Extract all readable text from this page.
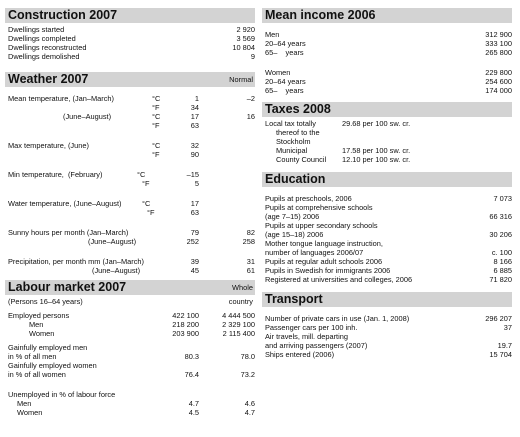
Construction 2007
Dwellings started	2 920
Dwellings completed	3 569
Dwellings reconstructed	10 804
Dwellings demolished	9
Weather 2007	Normal
Mean temperature, (Jan–March)	°C	1	–2
°F	34
(June–August)	°C	17	16
°F	63
Max temperature, (June)	°C	32
°F	90
Min temperature,  (February)	°C	–15
°F	5
Water temperature, (June–August)	°C	17
°F	63
Sunny hours per month (Jan–March)	79	82
(June–August)	252	258
Precipitation, per month mm (Jan–March)	39	31
(June–August)	45	61
Labour market 2007	Whole
(Persons 16–64 years)	country
Employed persons	422 100	4 444 500
Men	218 200	2 329 100
Women	203 900	2 115 400
Gainfully employed men
in % of all men	80.3	78.0
Gainfully employed women
in % of all women	76.4	73.2
Unemployed in % of labour force
Men	4.7	4.6
Women	4.5	4.7
Mean income 2006
Men	312 900
20–64 years	333 100
65–    years	265 800
Women	229 800
20–64 years	254 600
65–    years	174 000
Taxes 2008
Local tax totally	29.68 per 100 sw. cr.
thereof to the
Stockholm
Municipal	17.58 per 100 sw. cr.
County Council 12.10 per 100 sw. cr.
Education
Pupils at preschools, 2006	7 073
Pupils at comprehensive schools
(age 7–15) 2006	66 316
Pupils at upper secondary schools
(age 15–18) 2006	30 206
Mother tongue language instruction,
number of languages 2006/07	c. 100
Pupils at regular adult schools 2006	8 166
Pupils in Swedish for immigrants 2006	6 885
Registered at universities and colleges, 2006	71 820
Transport
Number of private cars in use (Jan. 1, 2008)	296 207
Passenger cars per 100 inh.	37
Air travels, mill. departing
and arriving passengers (2007)	19.7
Ships entered (2006)	15 704
